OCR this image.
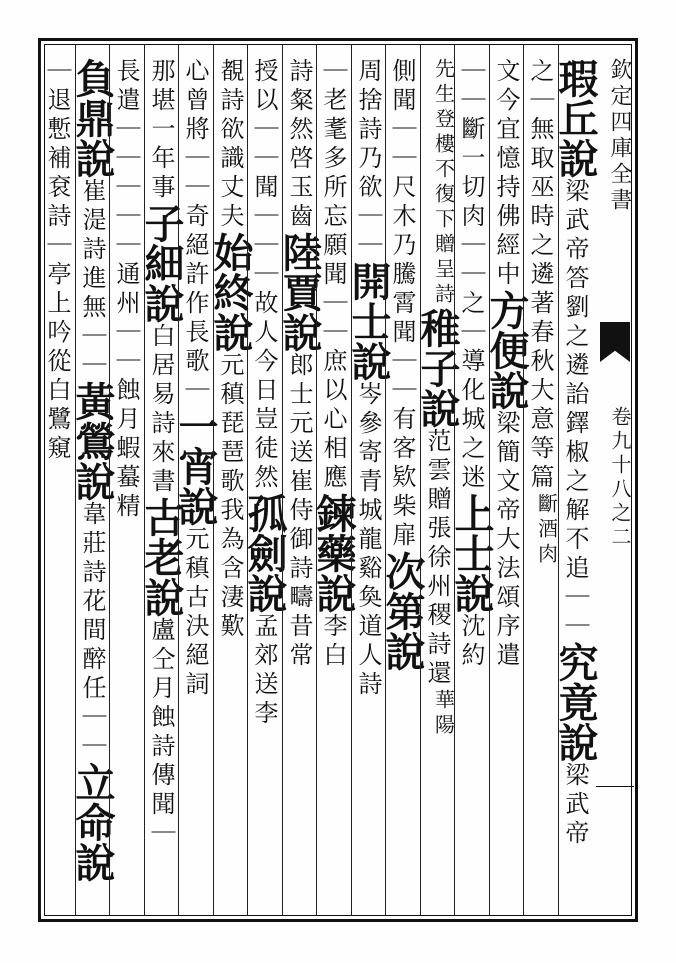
欽定四庫全書
卷九十八之二
瑕丘說梁武帝答劉之遴詒鐸椒之解不追｜｜究竟說梁武帝
之｜無取巫時之遴著春秋大意等篇斷酒肉
文今宜憶持佛經中方便說梁簡文帝大法頌序遣
｜｜斷一切肉｜｜之｜導化城之迷上士說沈約
先生登樓不復下贈呈詩稚子說范雲贈張徐州稷詩還華陽
側聞｜｜尺木乃騰霄聞｜｜有客欵柴扉次第說
周捨詩乃欲｜｜開士說岑參寄青城龍谿奐道人詩
｜老耄多所忘願聞｜｜庶以心相應鍊藥說李白
詩粲然啓玉齒陸賈說郎士元送崔侍御詩疇昔常
授以｜｜聞｜｜｜故人今日豈徒然孤劍說孟郊送李
覩詩欲識丈夫始終說元稹琵琶歌我為含淒歎
心曾將｜｜奇絕許作長歌｜一宵說元稹古決絕詞
那堪一年事子細說白居易詩來書古老說盧仝月蝕詩傳聞｜
長遣｜｜｜｜｜通州｜｜蝕月蝦蟇精
負鼎說崔湜詩進無｜｜黃鶯說韋莊詩花間醉任｜｜立命說
｜退慙補袞詩｜亭上吟從白鷺窺
